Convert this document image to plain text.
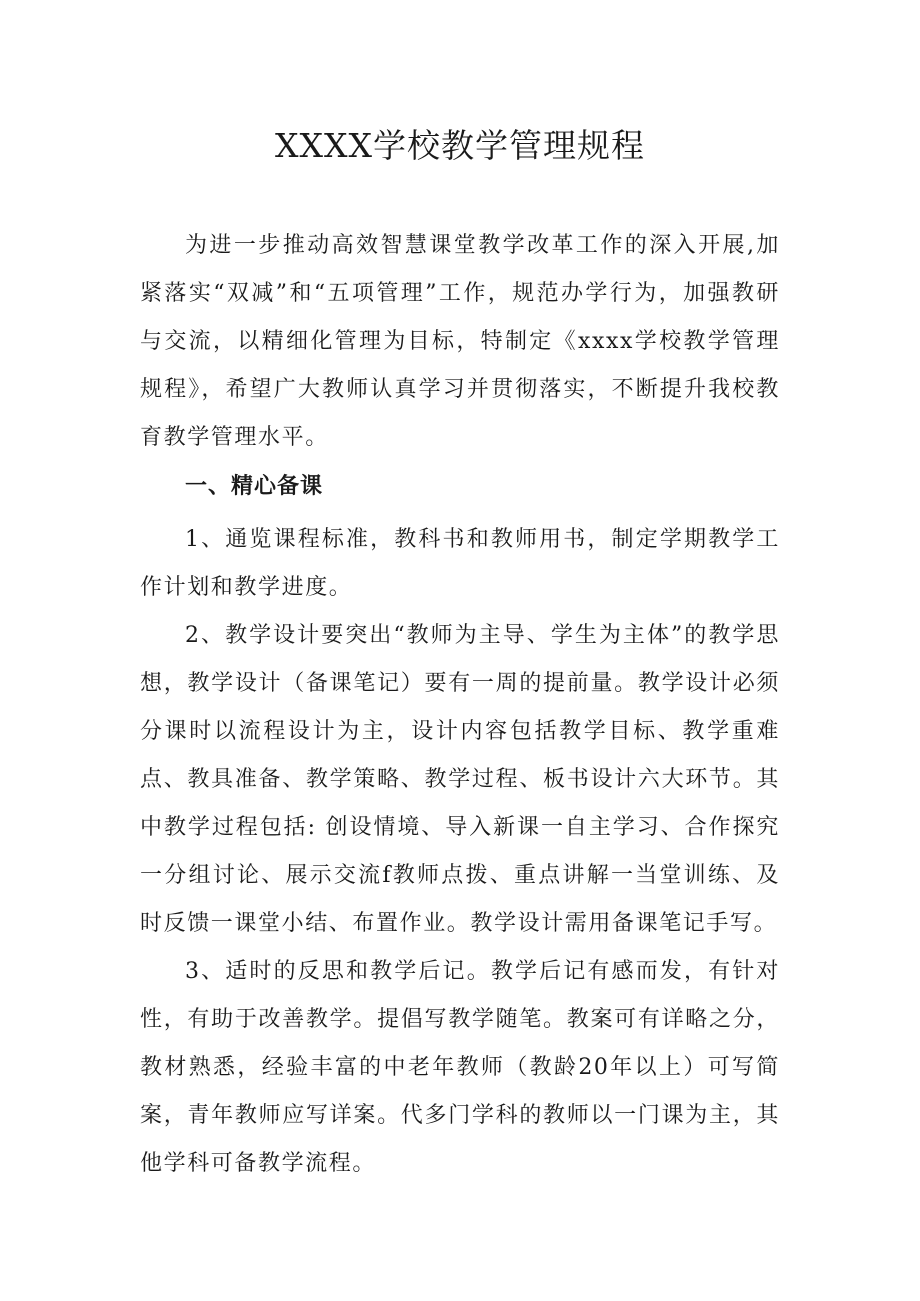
XXXX学校教学管理规程

为进一步推动高效智慧课堂教学改革工作的深入开展,加紧落实“双减”和“五项管理”工作，规范办学行为，加强教研与交流，以精细化管理为目标，特制定《xxxx学校教学管理规程》，希望广大教师认真学习并贯彻落实，不断提升我校教育教学管理水平。

一、精心备课

1、通览课程标准，教科书和教师用书，制定学期教学工作计划和教学进度。

2、教学设计要突出“教师为主导、学生为主体”的教学思想，教学设计（备课笔记）要有一周的提前量。教学设计必须分课时以流程设计为主，设计内容包括教学目标、教学重难点、教具准备、教学策略、教学过程、板书设计六大环节。其中教学过程包括: 创设情境、导入新课一自主学习、合作探究一分组讨论、展示交流f教师点拨、重点讲解一当堂训练、及时反馈一课堂小结、布置作业。教学设计需用备课笔记手写。

3、适时的反思和教学后记。教学后记有感而发，有针对性，有助于改善教学。提倡写教学随笔。教案可有详略之分，教材熟悉，经验丰富的中老年教师（教龄20年以上）可写简案，青年教师应写详案。代多门学科的教师以一门课为主，其他学科可备教学流程。
